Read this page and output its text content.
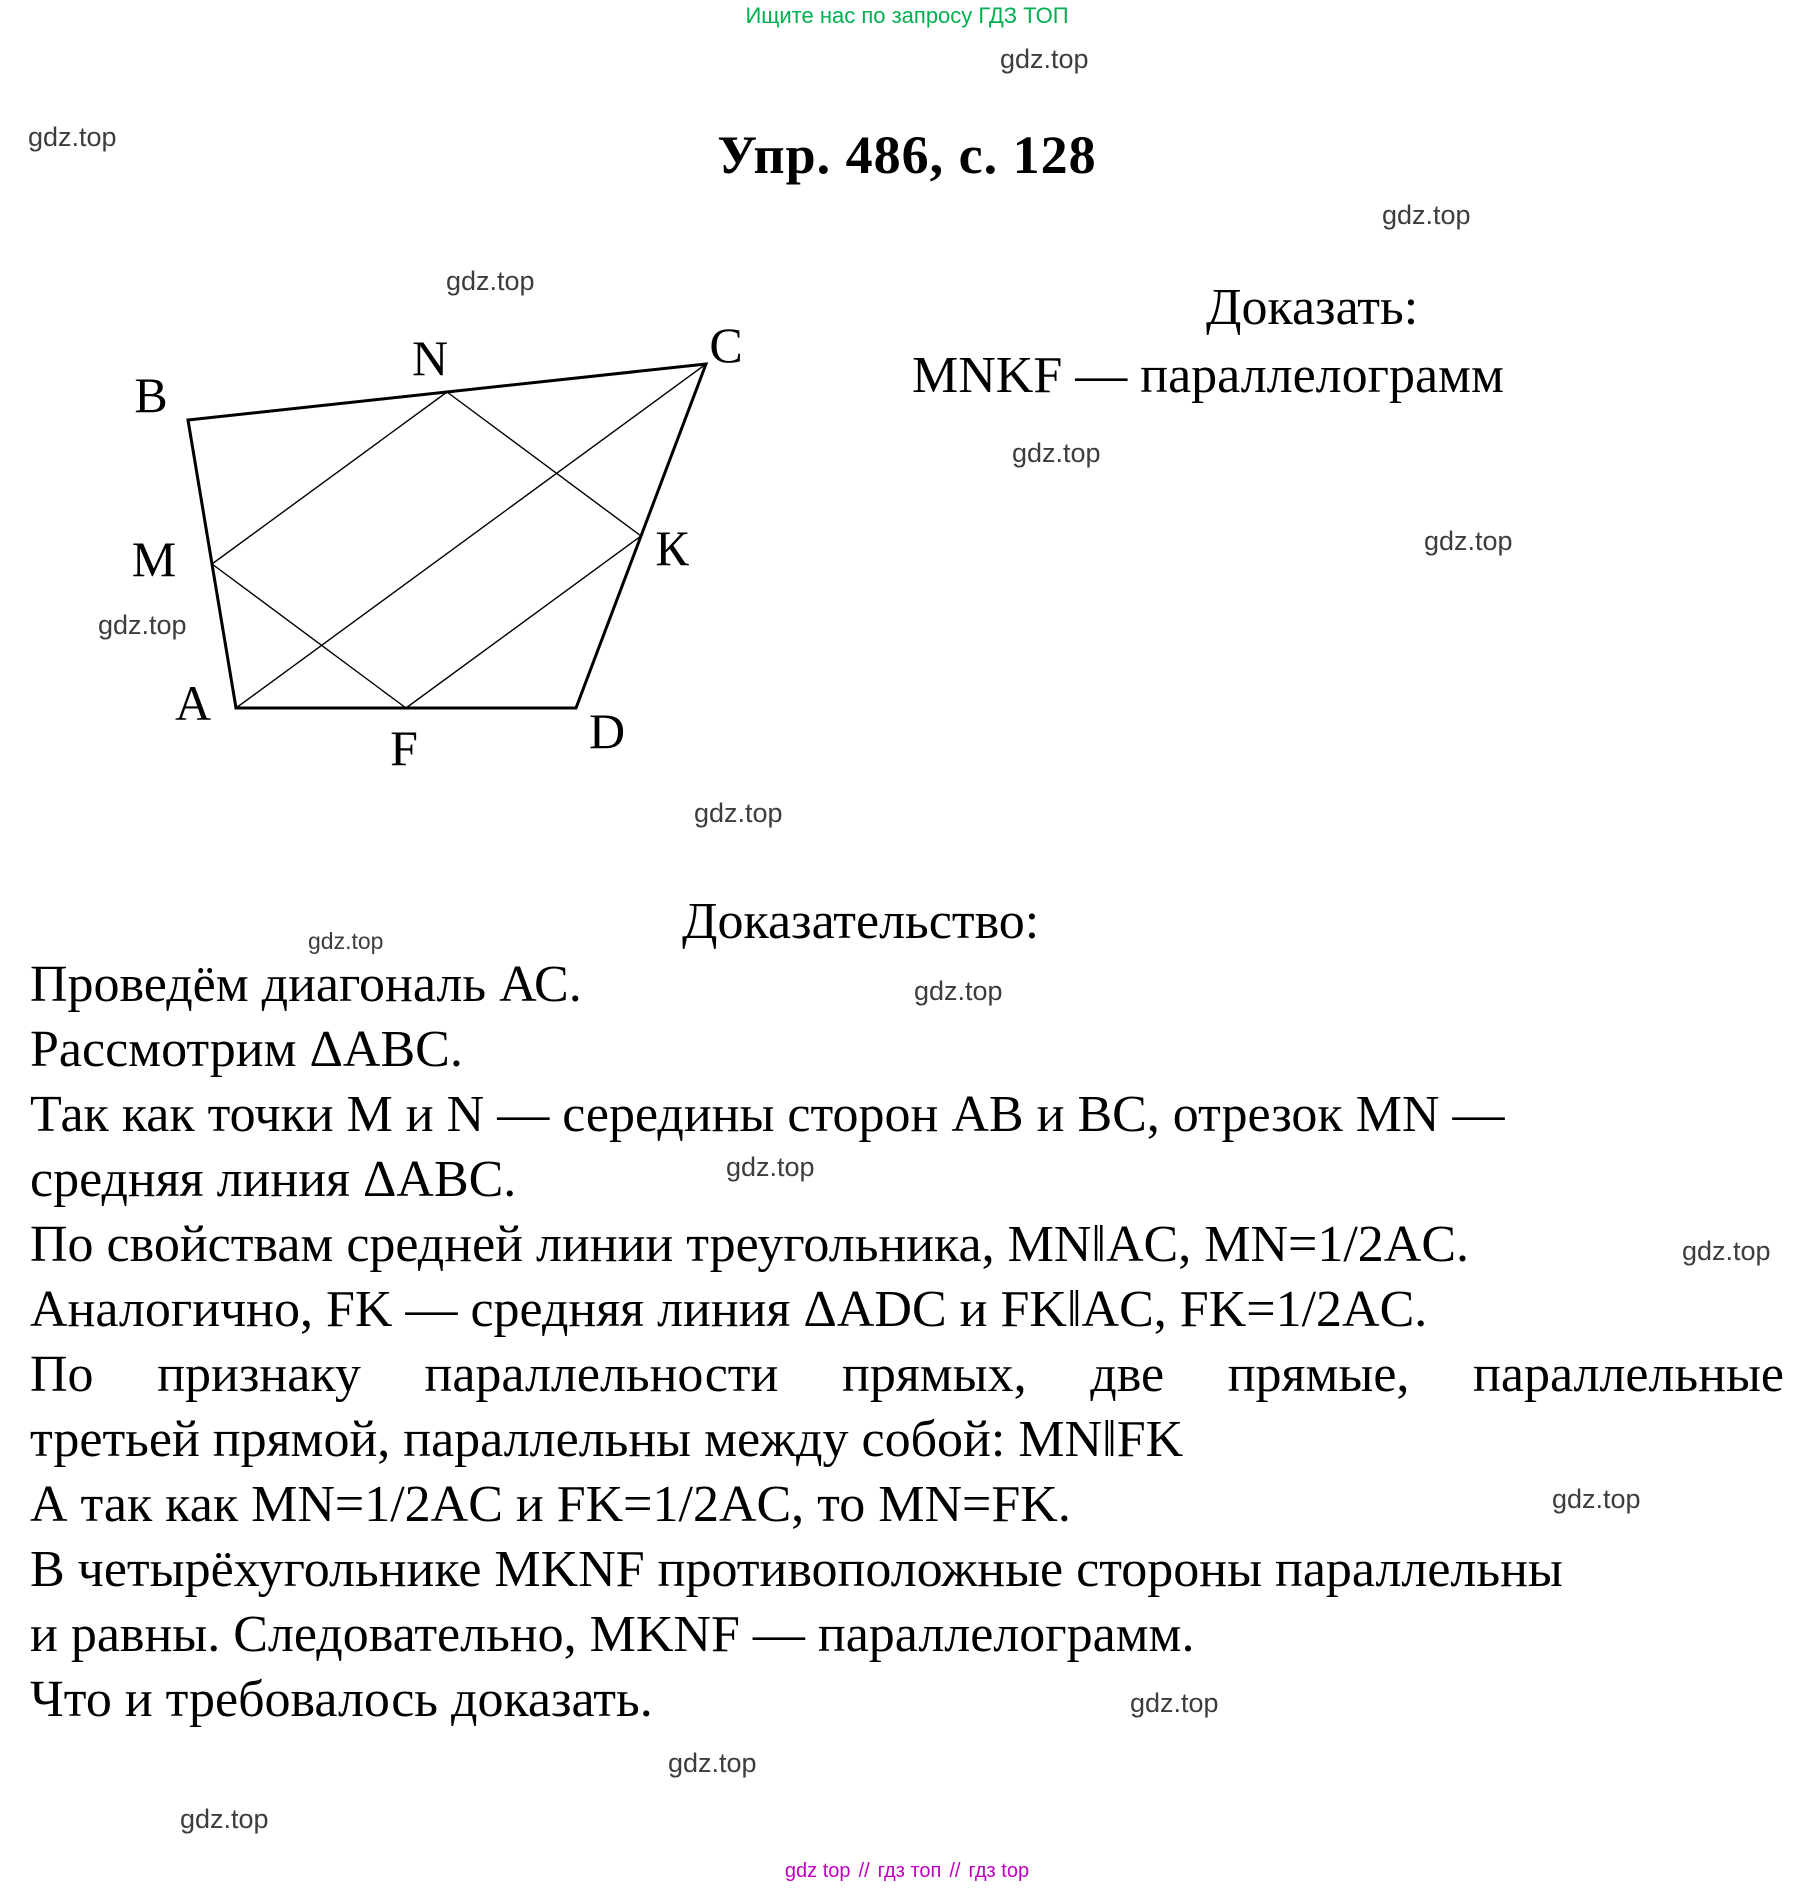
Ищите нас по запросу ГДЗ ТОП
Упр. 486, с. 128
gdz.top
gdz.top
gdz.top
gdz.top
gdz.top
gdz.top
gdz.top
gdz.top
gdz.top
gdz.top
gdz.top
gdz.top
gdz.top
gdz.top
gdz.top
gdz.top
Доказать:
MNKF — параллелограмм
B
N	C
M	К
A
F	D
Доказательство:
Проведём диагональ АС.
Рассмотрим ΔАВС.
Так как точки М и N — середины сторон АВ и ВС, отрезок MN —
средняя линия ΔАВС.
По свойствам средней линии треугольника, MN‖AC, MN=1/2AC.
Аналогично, FK — средняя линия ΔADC и FK‖AC, FK=1/2AC.
По признаку параллельности прямых, две прямые, параллельные
третьей прямой, параллельны между собой: MN‖FK
А так как MN=1/2AC и FK=1/2AC, то MN=FK.
В четырёхугольнике MKNF противоположные стороны параллельны
и равны. Следовательно, MKNF — параллелограмм.
Что и требовалось доказать.
gdz top // гдз топ // гдз top
